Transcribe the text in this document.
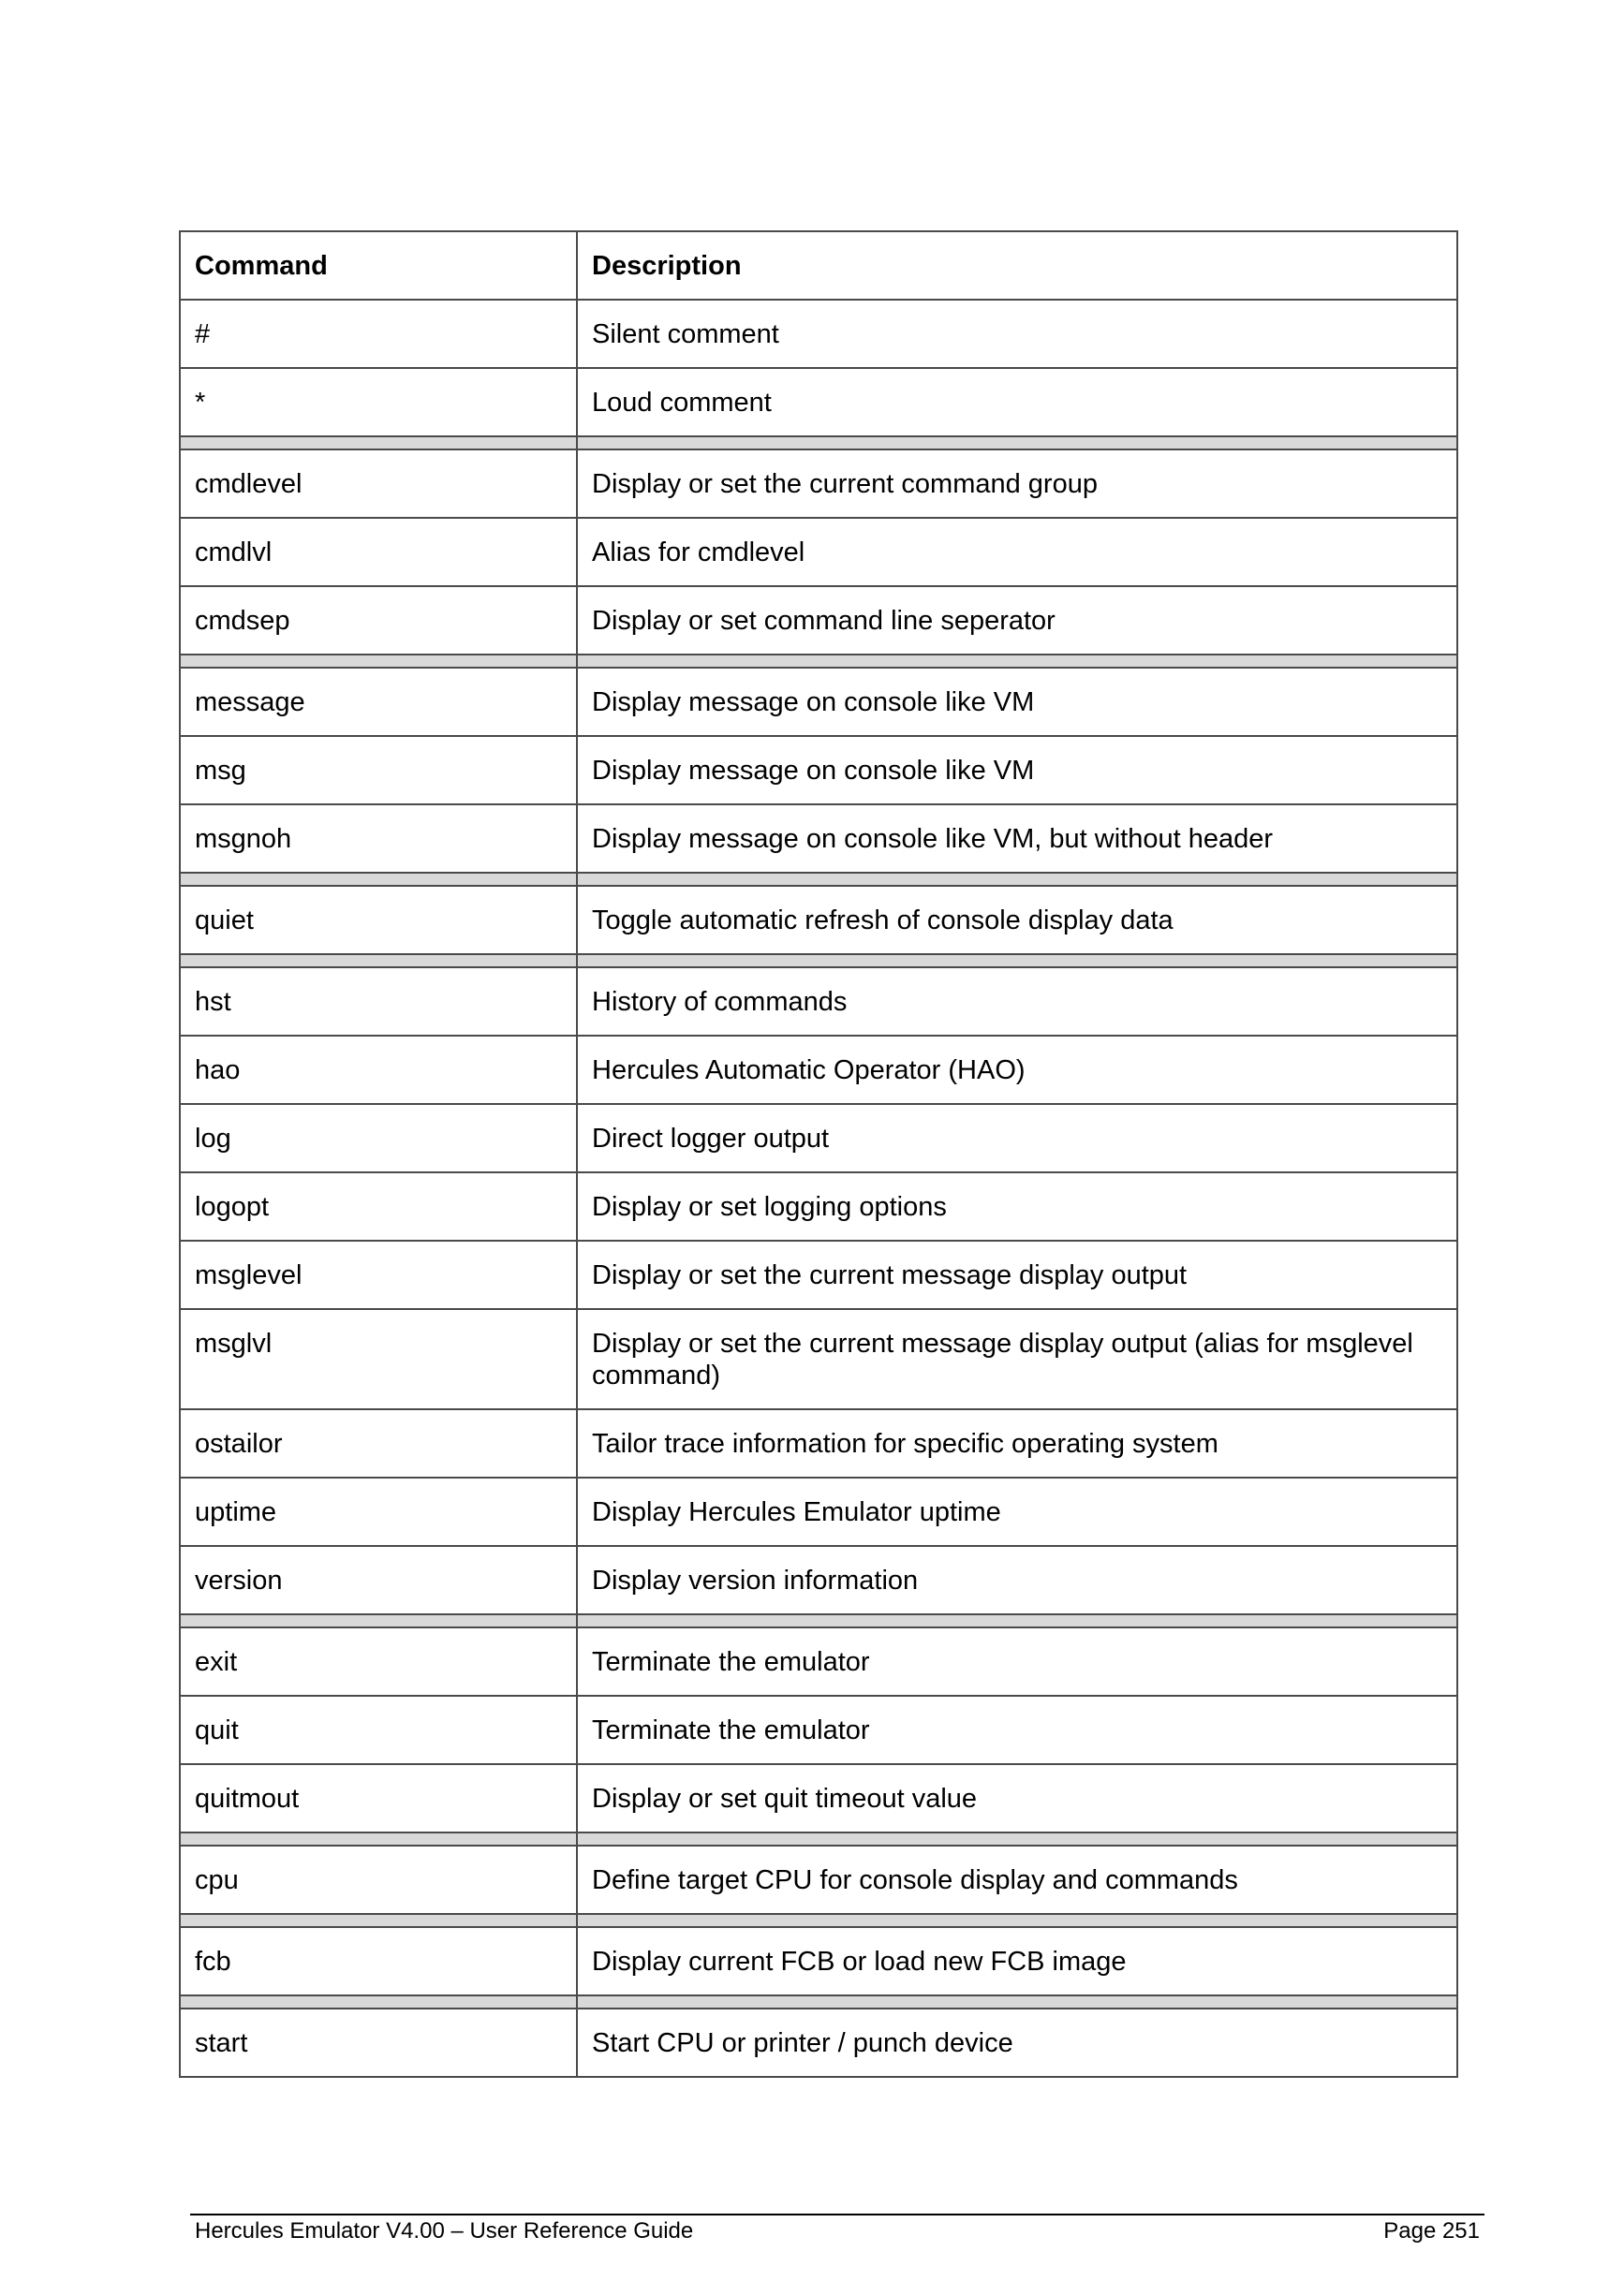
Command	Description
#	Silent comment
*	Loud comment

cmdlevel	Display or set the current command group
cmdlvl	Alias for cmdlevel
cmdsep	Display or set command line seperator

message	Display message on console like VM
msg	Display message on console like VM
msgnoh	Display message on console like VM, but without header

quiet	Toggle automatic refresh of console display data

hst	History of commands
hao	Hercules Automatic Operator (HAO)
log	Direct logger output
logopt	Display or set logging options
msglevel	Display or set the current message display output
msglvl	Display or set the current message display output (alias for msglevel command)
ostailor	Tailor trace information for specific operating system
uptime	Display Hercules Emulator uptime
version	Display version information

exit	Terminate the emulator
quit	Terminate the emulator
quitmout	Display or set quit timeout value

cpu	Define target CPU for console display and commands

fcb	Display current FCB or load new FCB image

start	Start CPU or printer / punch device
Hercules Emulator V4.00 – User Reference Guide	Page 251
